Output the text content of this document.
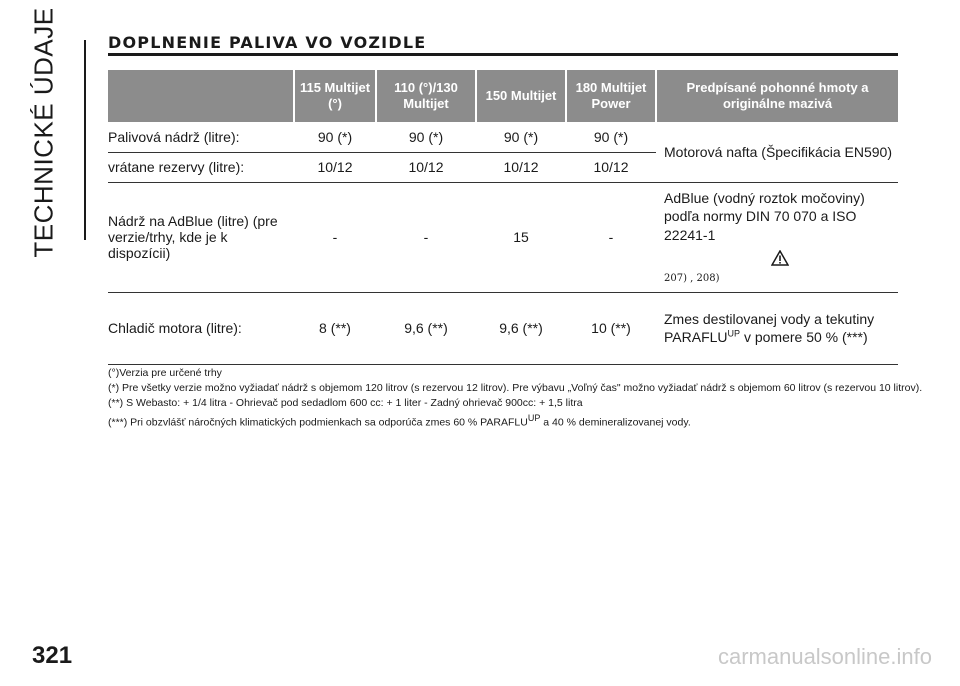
TECHNICKÉ ÚDAJE	DOPLNENIE PALIVA VO VOZIDLE
	115 Multijet (°)	110 (°)/130 Multijet	150 Multijet	180 Multijet Power	Predpísané pohonné hmoty a originálne mazivá
Palivová nádrž (litre):	90 (*)	90 (*)	90 (*)	90 (*)	Motorová nafta (Špecifikácia EN590)
vrátane rezervy (litre):	10/12	10/12	10/12	10/12	
Nádrž na AdBlue (litre) (pre verzie/trhy, kde je k dispozícii)	-	-	15	-	AdBlue (vodný roztok močoviny) podľa normy DIN 70 070 a ISO 22241-1
207) , 208)

Chladič motora (litre):	8 (**)	9,6 (**)	9,6 (**)	10 (**)	Zmes destilovanej vody a tekutiny $PARAFLU^{UP}$ v pomere 50 % (***)
(°)Verzia pre určené trhy
(*) Pre všetky verzie možno vyžiadať nádrž s objemom 120 litrov (s rezervou 12 litrov). Pre výbavu „Voľný čas" možno vyžiadať nádrž s objemom 60 litrov (s rezervou 10 litrov).
(**) S Webasto: + 1/4 litra - Ohrievač pod sedadlom 600 cc: + 1 liter - Zadný ohrievač 900cc: + 1,5 litra
(***) Pri obzvlášť náročných klimatických podmienkach sa odporúča zmes 60 % $PARAFLU^{UP}$ a 40 % demineralizovanej vody.
321	carmanualsonline.info
